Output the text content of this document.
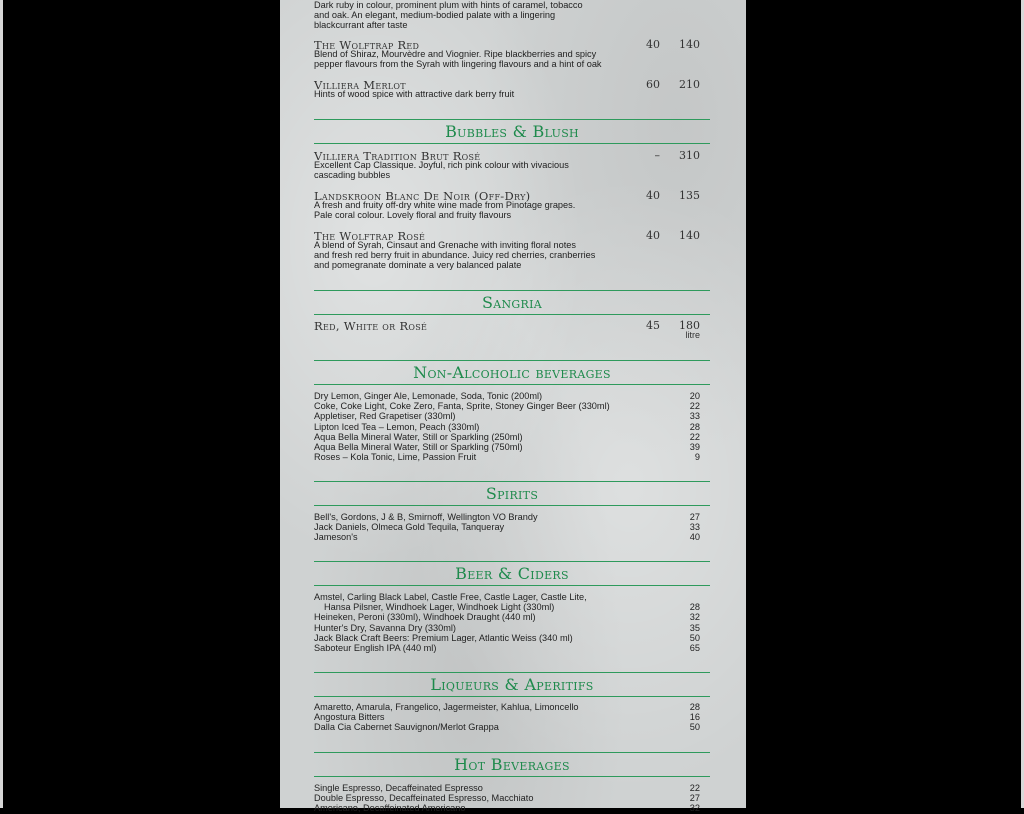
Dark ruby in colour, prominent plum with hints of caramel, tobacco
and oak. An elegant, medium-bodied palate with a lingering
blackcurrant after taste
The Wolftrap Red	40 140
Blend of Shiraz, Mourvèdre and Viognier. Ripe blackberries and spicy
pepper flavours from the Syrah with lingering flavours and a hint of oak
Villiera Merlot	60 210
Hints of wood spice with attractive dark berry fruit
Bubbles & Blush
Villiera Tradition Brut Rosé	– 310
Excellent Cap Classique. Joyful, rich pink colour with vivacious
cascading bubbles
Landskroon Blanc De Noir (Off-Dry)	40 135
A fresh and fruity off-dry white wine made from Pinotage grapes.
Pale coral colour. Lovely floral and fruity flavours
The Wolftrap Rosé	40 140
A blend of Syrah, Cinsaut and Grenache with inviting floral notes
and fresh red berry fruit in abundance. Juicy red cherries, cranberries
and pomegranate dominate a very balanced palate
Sangria
Red, White or Rosé	45 180
litre
Non-Alcoholic beverages
Dry Lemon, Ginger Ale, Lemonade, Soda, Tonic (200ml)	20
Coke, Coke Light, Coke Zero, Fanta, Sprite, Stoney Ginger Beer (330ml)	22
Appletiser, Red Grapetiser (330ml)	33
Lipton Iced Tea – Lemon, Peach (330ml)	28
Aqua Bella Mineral Water, Still or Sparkling (250ml)	22
Aqua Bella Mineral Water, Still or Sparkling (750ml)	39
Roses – Kola Tonic, Lime, Passion Fruit	9
Spirits
Bell's, Gordons, J & B, Smirnoff, Wellington VO Brandy	27
Jack Daniels, Olmeca Gold Tequila, Tanqueray	33
Jameson's	40
Beer & Ciders
Amstel, Carling Black Label, Castle Free, Castle Lager, Castle Lite,
Hansa Pilsner, Windhoek Lager, Windhoek Light (330ml)	28
Heineken, Peroni (330ml), Windhoek Draught (440 ml)	32
Hunter's Dry, Savanna Dry (330ml)	35
Jack Black Craft Beers: Premium Lager, Atlantic Weiss (340 ml)	50
Saboteur English IPA (440 ml)	65
Liqueurs & Aperitifs
Amaretto, Amarula, Frangelico, Jagermeister, Kahlua, Limoncello	28
Angostura Bitters	16
Dalla Cia Cabernet Sauvignon/Merlot Grappa	50
Hot Beverages
Single Espresso, Decaffeinated Espresso	22
Double Espresso, Decaffeinated Espresso, Macchiato	27
Americano, Decaffeinated Americano	32
